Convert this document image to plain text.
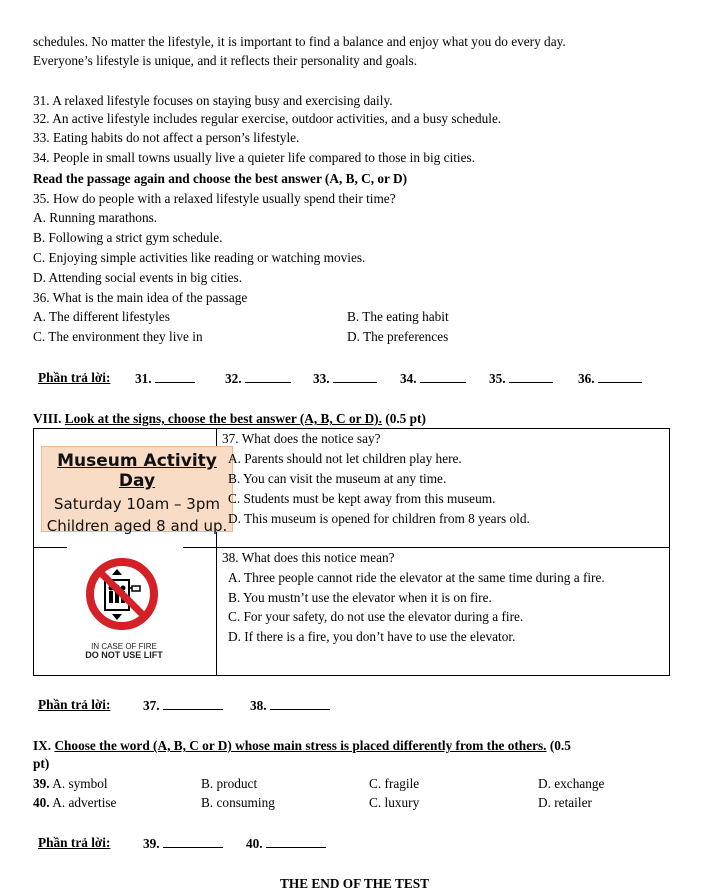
schedules. No matter the lifestyle, it is important to find a balance and enjoy what you do every day.
Everyone’s lifestyle is unique, and it reflects their personality and goals.
31. A relaxed lifestyle focuses on staying busy and exercising daily.
32. An active lifestyle includes regular exercise, outdoor activities, and a busy schedule.
33. Eating habits do not affect a person’s lifestyle.
34. People in small towns usually live a quieter life compared to those in big cities.
Read the passage again and choose the best answer (A, B, C, or D)
35. How do people with a relaxed lifestyle usually spend their time?
A. Running marathons.
B. Following a strict gym schedule.
C. Enjoying simple activities like reading or watching movies.
D. Attending social events in big cities.
36. What is the main idea of the passage
A. The different lifestyles	B. The eating habit
C. The environment they live in	D. The preferences
Phần trả lời: 31.	32.	33.	34.	35.	36.
VIII. Look at the signs, choose the best answer (A, B, C or D). (0.5 pt)
Museum Activity Day
Saturday 10am – 3pm
Children aged 8 and up.
IN CASE OF FIRE
DO NOT USE LIFT
37. What does the notice say?
A. Parents should not let children play here.
B. You can visit the museum at any time.
C. Students must be kept away from this museum.
D. This museum is opened for children from 8 years old.
38. What does this notice mean?
A. Three people cannot ride the elevator at the same time during a fire.
B. You mustn’t use the elevator when it is on fire.
C. For your safety, do not use the elevator during a fire.
D. If there is a fire, you don’t have to use the elevator.
Phần trả lời: 37.	38.
IX. Choose the word (A, B, C or D) whose main stress is placed differently from the others. (0.5
pt)
39. A. symbol	B. product	C. fragile	D. exchange
40. A. advertise	B. consuming	C. luxury	D. retailer
Phần trả lời: 39.	40.
THE END OF THE TEST
